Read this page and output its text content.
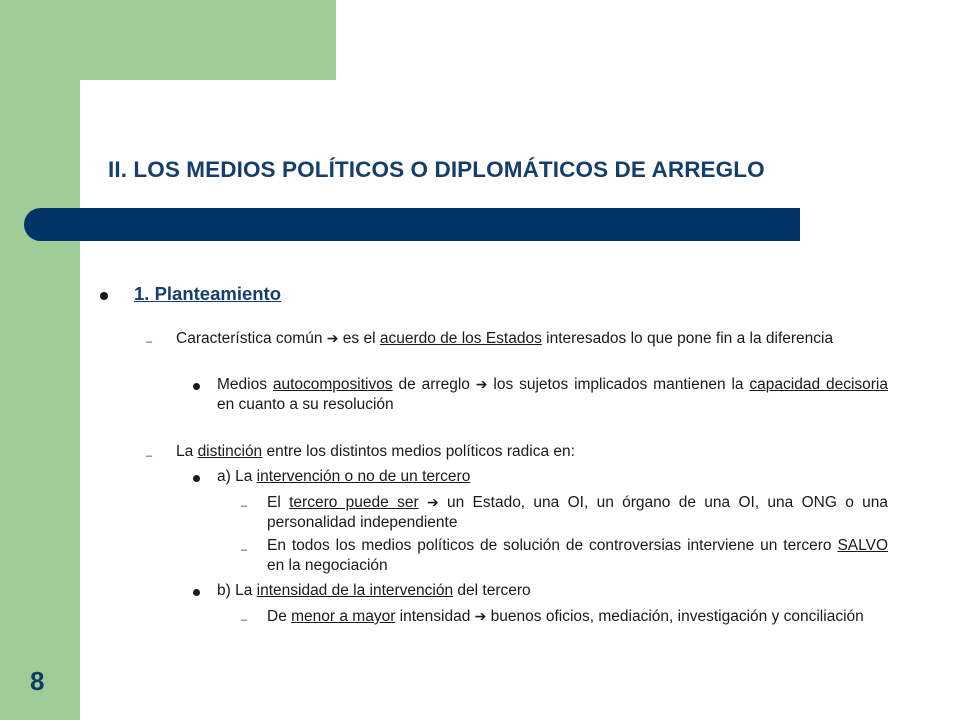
8
II. LOS MEDIOS POLÍTICOS O DIPLOMÁTICOS DE ARREGLO
1. Planteamiento
– Característica común ➔ es el acuerdo de los Estados interesados lo que pone fin a la diferencia
Medios autocompositivos de arreglo ➔ los sujetos implicados mantienen la capacidad decisoria en cuanto a su resolución
– La distinción entre los distintos medios políticos radica en:
a) La intervención o no de un tercero
– El tercero puede ser ➔ un Estado, una OI, un órgano de una OI, una ONG o una personalidad independiente
– En todos los medios políticos de solución de controversias interviene un tercero SALVO en la negociación
b) La intensidad de la intervención del tercero
– De menor a mayor intensidad ➔ buenos oficios, mediación, investigación y conciliación
